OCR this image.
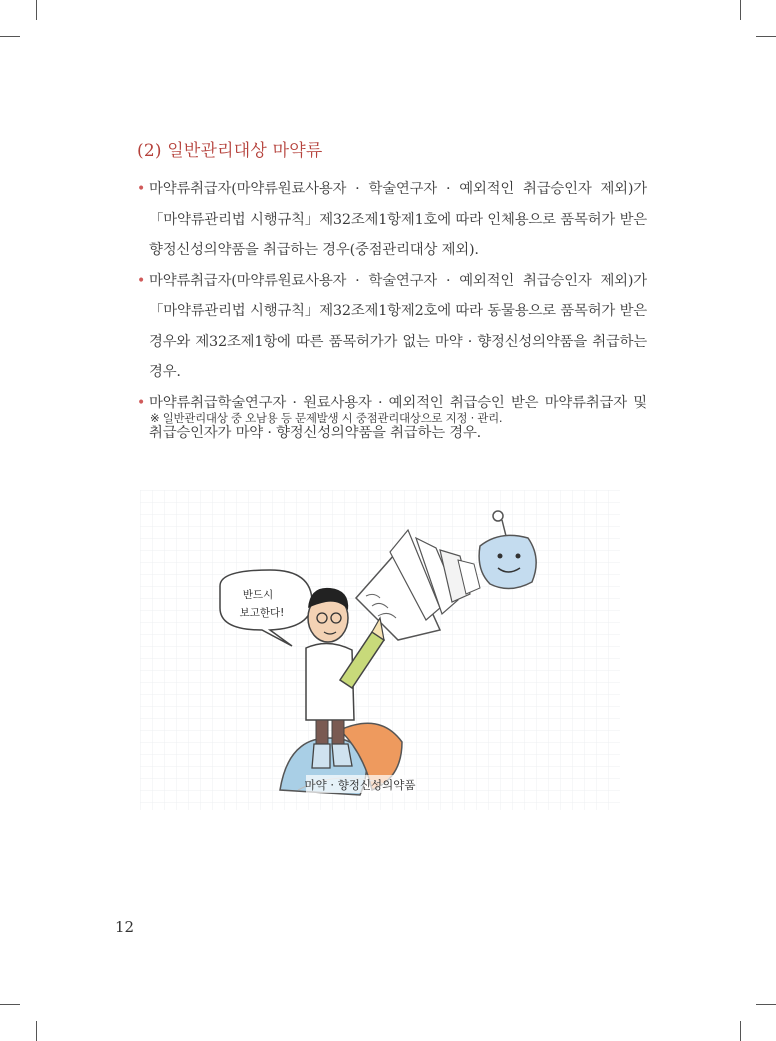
(2) 일반관리대상 마약류
• 마약류취급자(마약류원료사용자 · 학술연구자 · 예외적인 취급승인자 제외)가 「마약류관리법 시행규칙」제32조제1항제1호에 따라 인체용으로 품목허가 받은 향정신성의약품을 취급하는 경우(중점관리대상 제외).
• 마약류취급자(마약류원료사용자 · 학술연구자 · 예외적인 취급승인자 제외)가 「마약류관리법 시행규칙」제32조제1항제2호에 따라 동물용으로 품목허가 받은 경우와 제32조제1항에 따른 품목허가가 없는 마약 · 향정신성의약품을 취급하는 경우.
• 마약류취급학술연구자 · 원료사용자 · 예외적인 취급승인 받은 마약류취급자 및 취급승인자가 마약 · 향정신성의약품을 취급하는 경우.
※ 일반관리대상 중 오남용 등 문제발생 시 중점관리대상으로 지정 · 관리.
반드시
보고한다!
마약 · 향정신성의약품
12
